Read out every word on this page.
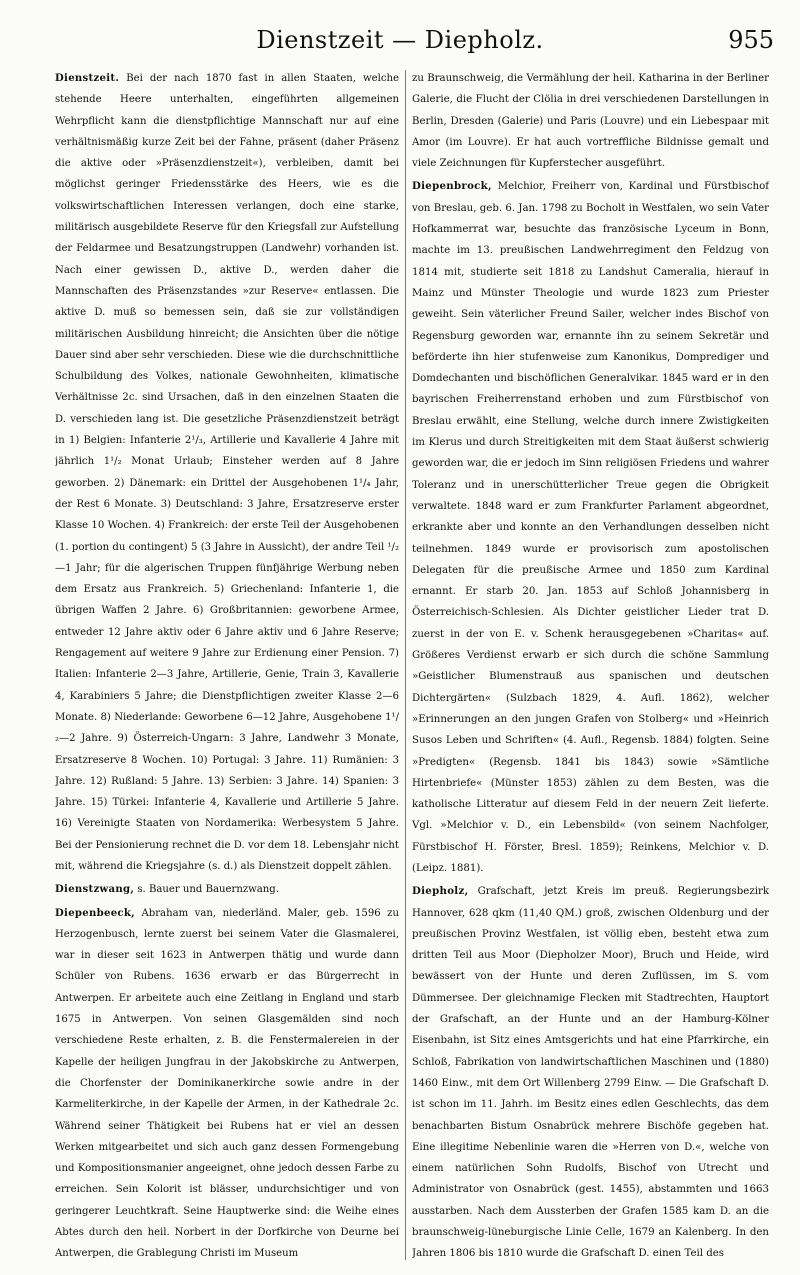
Dienstzeit — Diepholz.	955

Dienstzeit. Bei der nach 1870 fast in allen Staaten, welche stehende Heere unterhalten, eingeführten allgemeinen Wehrpflicht kann die dienstpflichtige Mannschaft nur auf eine verhältnismäßig kurze Zeit bei der Fahne, präsent (daher Präsenz die aktive oder »Präsenzdienstzeit«), verbleiben, damit bei möglichst geringer Friedensstärke des Heers, wie es die volkswirtschaftlichen Interessen verlangen, doch eine starke, militärisch ausgebildete Reserve für den Kriegsfall zur Aufstellung der Feldarmee und Besatzungstruppen (Landwehr) vorhanden ist. Nach einer gewissen D., aktive D., werden daher die Mannschaften des Präsenzstandes »zur Reserve« entlassen. Die aktive D. muß so bemessen sein, daß sie zur vollständigen militärischen Ausbildung hinreicht; die Ansichten über die nötige Dauer sind aber sehr verschieden. Diese wie die durchschnittliche Schulbildung des Volkes, nationale Gewohnheiten, klimatische Verhältnisse 2c. sind Ursachen, daß in den einzelnen Staaten die D. verschieden lang ist. Die gesetzliche Präsenzdienstzeit beträgt in 1) Belgien: Infanterie 2¹/₃, Artillerie und Kavallerie 4 Jahre mit jährlich 1¹/₂ Monat Urlaub; Einsteher werden auf 8 Jahre geworben. 2) Dänemark: ein Drittel der Ausgehobenen 1¹/₄ Jahr, der Rest 6 Monate. 3) Deutschland: 3 Jahre, Ersatzreserve erster Klasse 10 Wochen. 4) Frankreich: der erste Teil der Ausgehobenen (1. portion du contingent) 5 (3 Jahre in Aussicht), der andre Teil ¹/₂—1 Jahr; für die algerischen Truppen fünfjährige Werbung neben dem Ersatz aus Frankreich. 5) Griechenland: Infanterie 1, die übrigen Waffen 2 Jahre. 6) Großbritannien: geworbene Armee, entweder 12 Jahre aktiv oder 6 Jahre aktiv und 6 Jahre Reserve; Rengagement auf weitere 9 Jahre zur Erdienung einer Pension. 7) Italien: Infanterie 2—3 Jahre, Artillerie, Genie, Train 3, Kavallerie 4, Karabiniers 5 Jahre; die Dienstpflichtigen zweiter Klasse 2—6 Monate. 8) Niederlande: Geworbene 6—12 Jahre, Ausgehobene 1¹/₂—2 Jahre. 9) Österreich-Ungarn: 3 Jahre, Landwehr 3 Monate, Ersatzreserve 8 Wochen. 10) Portugal: 3 Jahre. 11) Rumänien: 3 Jahre. 12) Rußland: 5 Jahre. 13) Serbien: 3 Jahre. 14) Spanien: 3 Jahre. 15) Türkei: Infanterie 4, Kavallerie und Artillerie 5 Jahre. 16) Vereinigte Staaten von Nordamerika: Werbesystem 5 Jahre. Bei der Pensionierung rechnet die D. vor dem 18. Lebensjahr nicht mit, während die Kriegsjahre (s. d.) als Dienstzeit doppelt zählen.

Dienstzwang, s. Bauer und Bauernzwang.

Diepenbeeck, Abraham van, niederländ. Maler, geb. 1596 zu Herzogenbusch, lernte zuerst bei seinem Vater die Glasmalerei, war in dieser seit 1623 in Antwerpen thätig und wurde dann Schüler von Rubens. 1636 erwarb er das Bürgerrecht in Antwerpen. Er arbeitete auch eine Zeitlang in England und starb 1675 in Antwerpen. Von seinen Glasgemälden sind noch verschiedene Reste erhalten, z. B. die Fenstermalereien in der Kapelle der heiligen Jungfrau in der Jakobskirche zu Antwerpen, die Chorfenster der Dominikanerkirche sowie andre in der Karmeliterkirche, in der Kapelle der Armen, in der Kathedrale 2c. Während seiner Thätigkeit bei Rubens hat er viel an dessen Werken mitgearbeitet und sich auch ganz dessen Formengebung und Kompositionsmanier angeeignet, ohne jedoch dessen Farbe zu erreichen. Sein Kolorit ist blässer, undurchsichtiger und von geringerer Leuchtkraft. Seine Hauptwerke sind: die Weihe eines Abtes durch den heil. Norbert in der Dorfkirche von Deurne bei Antwerpen, die Grablegung Christi im Museum

zu Braunschweig, die Vermählung der heil. Katharina in der Berliner Galerie, die Flucht der Clölia in drei verschiedenen Darstellungen in Berlin, Dresden (Galerie) und Paris (Louvre) und ein Liebespaar mit Amor (im Louvre). Er hat auch vortreffliche Bildnisse gemalt und viele Zeichnungen für Kupferstecher ausgeführt.

Diepenbrock, Melchior, Freiherr von, Kardinal und Fürstbischof von Breslau, geb. 6. Jan. 1798 zu Bocholt in Westfalen, wo sein Vater Hofkammerrat war, besuchte das französische Lyceum in Bonn, machte im 13. preußischen Landwehrregiment den Feldzug von 1814 mit, studierte seit 1818 zu Landshut Cameralia, hierauf in Mainz und Münster Theologie und wurde 1823 zum Priester geweiht. Sein väterlicher Freund Sailer, welcher indes Bischof von Regensburg geworden war, ernannte ihn zu seinem Sekretär und beförderte ihn hier stufenweise zum Kanonikus, Domprediger und Domdechanten und bischöflichen Generalvikar. 1845 ward er in den bayrischen Freiherrenstand erhoben und zum Fürstbischof von Breslau erwählt, eine Stellung, welche durch innere Zwistigkeiten im Klerus und durch Streitigkeiten mit dem Staat äußerst schwierig geworden war, die er jedoch im Sinn religiösen Friedens und wahrer Toleranz und in unerschütterlicher Treue gegen die Obrigkeit verwaltete. 1848 ward er zum Frankfurter Parlament abgeordnet, erkrankte aber und konnte an den Verhandlungen desselben nicht teilnehmen. 1849 wurde er provisorisch zum apostolischen Delegaten für die preußische Armee und 1850 zum Kardinal ernannt. Er starb 20. Jan. 1853 auf Schloß Johannisberg in Österreichisch-Schlesien. Als Dichter geistlicher Lieder trat D. zuerst in der von E. v. Schenk herausgegebenen »Charitas« auf. Größeres Verdienst erwarb er sich durch die schöne Sammlung »Geistlicher Blumenstrauß aus spanischen und deutschen Dichtergärten« (Sulzbach 1829, 4. Aufl. 1862), welcher »Erinnerungen an den jungen Grafen von Stolberg« und »Heinrich Susos Leben und Schriften« (4. Aufl., Regensb. 1884) folgten. Seine »Predigten« (Regensb. 1841 bis 1843) sowie »Sämtliche Hirtenbriefe« (Münster 1853) zählen zu dem Besten, was die katholische Litteratur auf diesem Feld in der neuern Zeit lieferte. Vgl. »Melchior v. D., ein Lebensbild« (von seinem Nachfolger, Fürstbischof H. Förster, Bresl. 1859); Reinkens, Melchior v. D. (Leipz. 1881).

Diepholz, Grafschaft, jetzt Kreis im preuß. Regierungsbezirk Hannover, 628 qkm (11,40 QM.) groß, zwischen Oldenburg und der preußischen Provinz Westfalen, ist völlig eben, besteht etwa zum dritten Teil aus Moor (Diepholzer Moor), Bruch und Heide, wird bewässert von der Hunte und deren Zuflüssen, im S. vom Dümmersee. Der gleichnamige Flecken mit Stadtrechten, Hauptort der Grafschaft, an der Hunte und an der Hamburg-Kölner Eisenbahn, ist Sitz eines Amtsgerichts und hat eine Pfarrkirche, ein Schloß, Fabrikation von landwirtschaftlichen Maschinen und (1880) 1460 Einw., mit dem Ort Willenberg 2799 Einw. — Die Grafschaft D. ist schon im 11. Jahrh. im Besitz eines edlen Geschlechts, das dem benachbarten Bistum Osnabrück mehrere Bischöfe gegeben hat. Eine illegitime Nebenlinie waren die »Herren von D.«, welche von einem natürlichen Sohn Rudolfs, Bischof von Utrecht und Administrator von Osnabrück (gest. 1455), abstammten und 1663 ausstarben. Nach dem Aussterben der Grafen 1585 kam D. an die braunschweig-lüneburgische Linie Celle, 1679 an Kalenberg. In den Jahren 1806 bis 1810 wurde die Grafschaft D. einen Teil des
